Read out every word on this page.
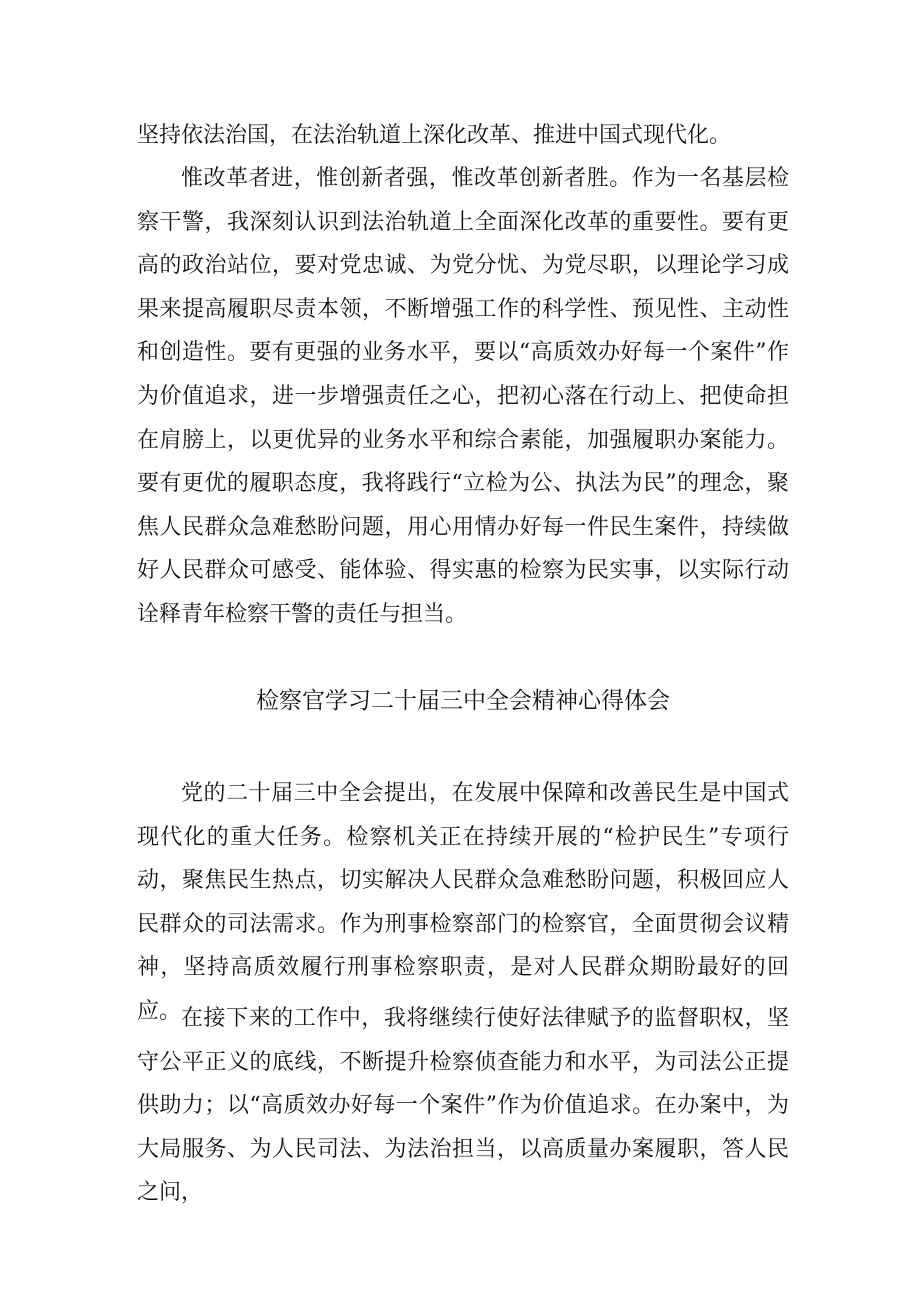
坚持依法治国，在法治轨道上深化改革、推进中国式现代化。

惟改革者进，惟创新者强，惟改革创新者胜。作为一名基层检察干警，我深刻认识到法治轨道上全面深化改革的重要性。要有更高的政治站位，要对党忠诚、为党分忧、为党尽职，以理论学习成果来提高履职尽责本领，不断增强工作的科学性、预见性、主动性和创造性。要有更强的业务水平，要以“高质效办好每一个案件”作为价值追求，进一步增强责任之心，把初心落在行动上、把使命担在肩膀上，以更优异的业务水平和综合素能，加强履职办案能力。要有更优的履职态度，我将践行“立检为公、执法为民”的理念，聚焦人民群众急难愁盼问题，用心用情办好每一件民生案件，持续做好人民群众可感受、能体验、得实惠的检察为民实事，以实际行动诠释青年检察干警的责任与担当。

检察官学习二十届三中全会精神心得体会

党的二十届三中全会提出，在发展中保障和改善民生是中国式现代化的重大任务。检察机关正在持续开展的“检护民生”专项行动，聚焦民生热点，切实解决人民群众急难愁盼问题，积极回应人民群众的司法需求。作为刑事检察部门的检察官，全面贯彻会议精神，坚持高质效履行刑事检察职责，是对人民群众期盼最好的回应。 在接下来的工作中，我将继续行使好法律赋予的监督职权，坚守公平正义的底线，不断提升检察侦查能力和水平，为司法公正提供助力；以“高质效办好每一个案件”作为价值追求。在办案中，为大局服务、为人民司法、为法治担当，以高质量办案履职，答人民之问，
